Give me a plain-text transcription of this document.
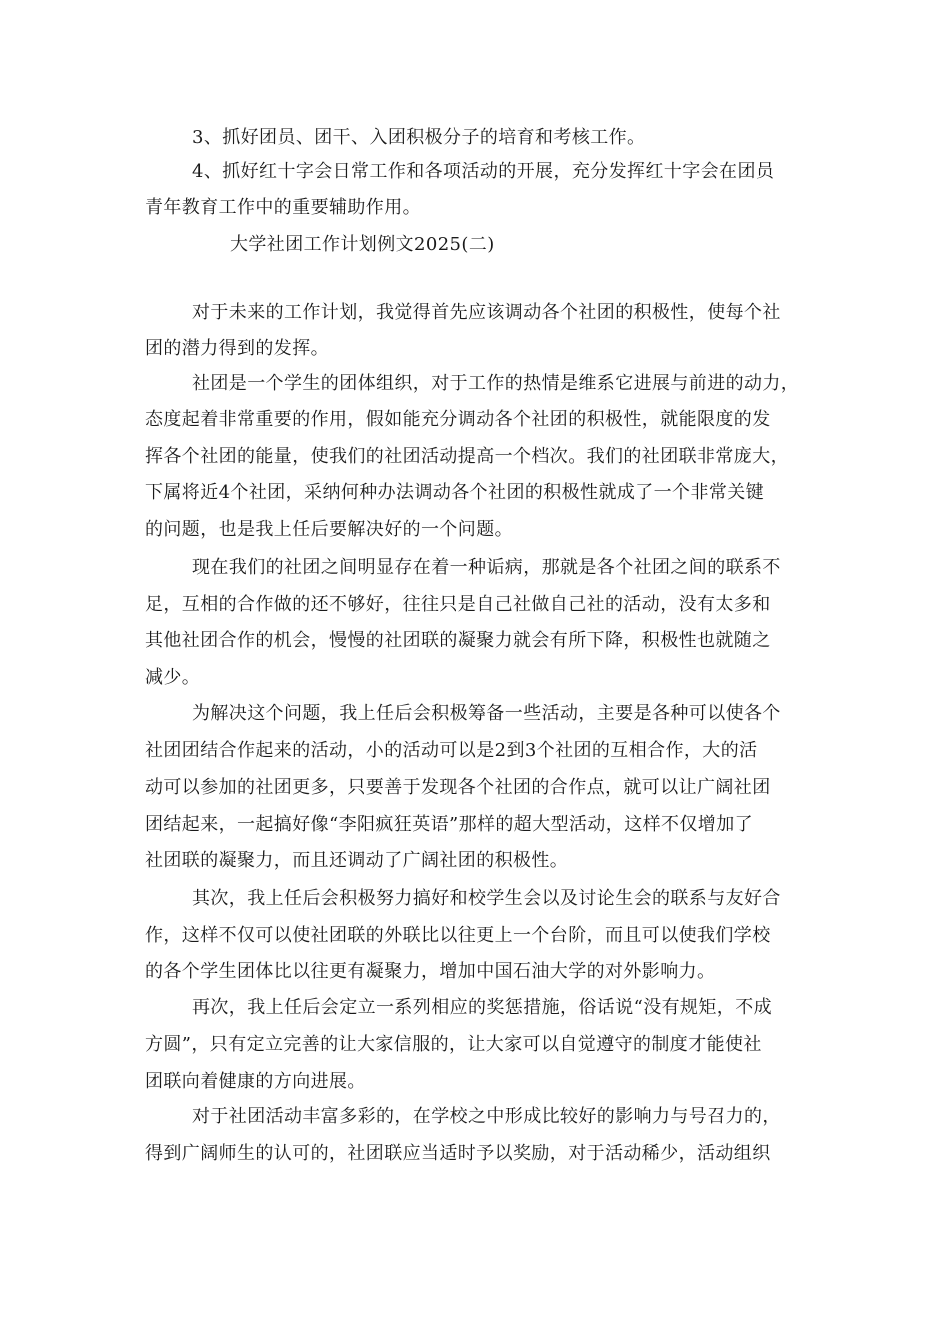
3、抓好团员、团干、入团积极分子的培育和考核工作。
4、抓好红十字会日常工作和各项活动的开展，充分发挥红十字会在团员
青年教育工作中的重要辅助作用。
大学社团工作计划例文2025(二)
对于未来的工作计划，我觉得首先应该调动各个社团的积极性，使每个社
团的潜力得到的发挥。
社团是一个学生的团体组织，对于工作的热情是维系它进展与前进的动力，
态度起着非常重要的作用，假如能充分调动各个社团的积极性，就能限度的发
挥各个社团的能量，使我们的社团活动提高一个档次。我们的社团联非常庞大，
下属将近4个社团，采纳何种办法调动各个社团的积极性就成了一个非常关键
的问题，也是我上任后要解决好的一个问题。
现在我们的社团之间明显存在着一种诟病，那就是各个社团之间的联系不
足，互相的合作做的还不够好，往往只是自己社做自己社的活动，没有太多和
其他社团合作的机会，慢慢的社团联的凝聚力就会有所下降，积极性也就随之
减少。
为解决这个问题，我上任后会积极筹备一些活动，主要是各种可以使各个
社团团结合作起来的活动，小的活动可以是2到3个社团的互相合作，大的活
动可以参加的社团更多，只要善于发现各个社团的合作点，就可以让广阔社团
团结起来，一起搞好像“李阳疯狂英语”那样的超大型活动，这样不仅增加了
社团联的凝聚力，而且还调动了广阔社团的积极性。
其次，我上任后会积极努力搞好和校学生会以及讨论生会的联系与友好合
作，这样不仅可以使社团联的外联比以往更上一个台阶，而且可以使我们学校
的各个学生团体比以往更有凝聚力，增加中国石油大学的对外影响力。
再次，我上任后会定立一系列相应的奖惩措施，俗话说“没有规矩，不成
方圆”，只有定立完善的让大家信服的，让大家可以自觉遵守的制度才能使社
团联向着健康的方向进展。
对于社团活动丰富多彩的，在学校之中形成比较好的影响力与号召力的，
得到广阔师生的认可的，社团联应当适时予以奖励，对于活动稀少，活动组织
